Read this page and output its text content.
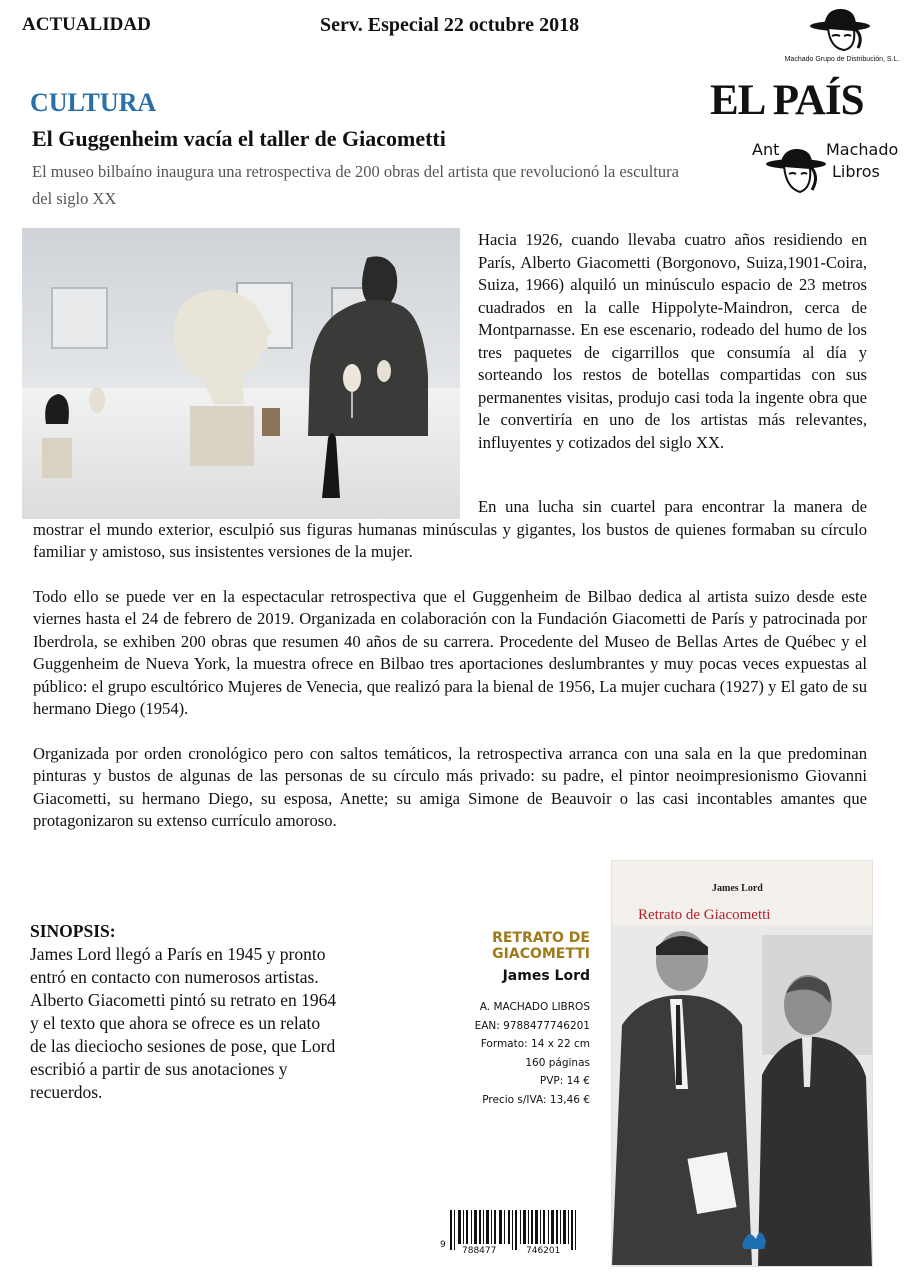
ACTUALIDAD	Serv. Especial 22 octubre 2018
Machado Grupo de Distribución, S.L.
EL PAÍS
Ant	Machado
Libros
CULTURA
El Guggenheim vacía el taller de Giacometti
El museo bilbaíno inaugura una retrospectiva de 200 obras del artista que revolucionó la escultura del siglo XX

Hacia 1926, cuando llevaba cuatro años residiendo en París, Alberto Giacometti (Borgonovo, Suiza,1901-Coira, Suiza, 1966) alquiló un minúsculo espacio de 23 metros cuadrados en la calle Hippolyte-Maindron, cerca de Montparnasse. En ese escenario, rodeado del humo de los tres paquetes de cigarrillos que consumía al día y sorteando los restos de botellas compartidas con sus permanentes visitas, produjo casi toda la ingente obra que le convertiría en uno de los artistas más relevantes, influyentes y cotizados del siglo XX.

En una lucha sin cuartel para encontrar la manera de mostrar el mundo exterior, esculpió sus figuras humanas minúsculas y gigantes, los bustos de quienes formaban su círculo familiar y amistoso, sus insistentes versiones de la mujer.

Todo ello se puede ver en la espectacular retrospectiva que el Guggenheim de Bilbao dedica al artista suizo desde este viernes hasta el 24 de febrero de 2019. Organizada en colaboración con la Fundación Giacometti de París y patrocinada por Iberdrola, se exhiben 200 obras que resumen 40 años de su carrera. Procedente del Museo de Bellas Artes de Québec y el Guggenheim de Nueva York, la muestra ofrece en Bilbao tres aportaciones deslumbrantes y muy pocas veces expuestas al público: el grupo escultórico Mujeres de Venecia, que realizó para la bienal de 1956, La mujer cuchara (1927) y El gato de su hermano Diego (1954).

Organizada por orden cronológico pero con saltos temáticos, la retrospectiva arranca con una sala en la que predominan pinturas y bustos de algunas de las personas de su círculo más privado: su padre, el pintor neoimpresionismo Giovanni Giacometti, su hermano Diego, su esposa, Anette; su amiga Simone de Beauvoir o las casi incontables amantes que protagonizaron su extenso currículo amoroso.

SINOPSIS:
James Lord llegó a París en 1945 y pronto entró en contacto con numerosos artistas. Alberto Giacometti pintó su retrato en 1964 y el texto que ahora se ofrece es un relato de las dieciocho sesiones de pose, que Lord escribió a partir de sus anotaciones y recuerdos.
RETRATO DE
GIACOMETTI
James Lord
A. MACHADO LIBROS
EAN: 9788477746201
Formato: 14 x 22 cm
160 páginas
PVP: 14 €
Precio s/IVA: 13,46 €
James Lord
Retrato de Giacometti
9
788477	746201
